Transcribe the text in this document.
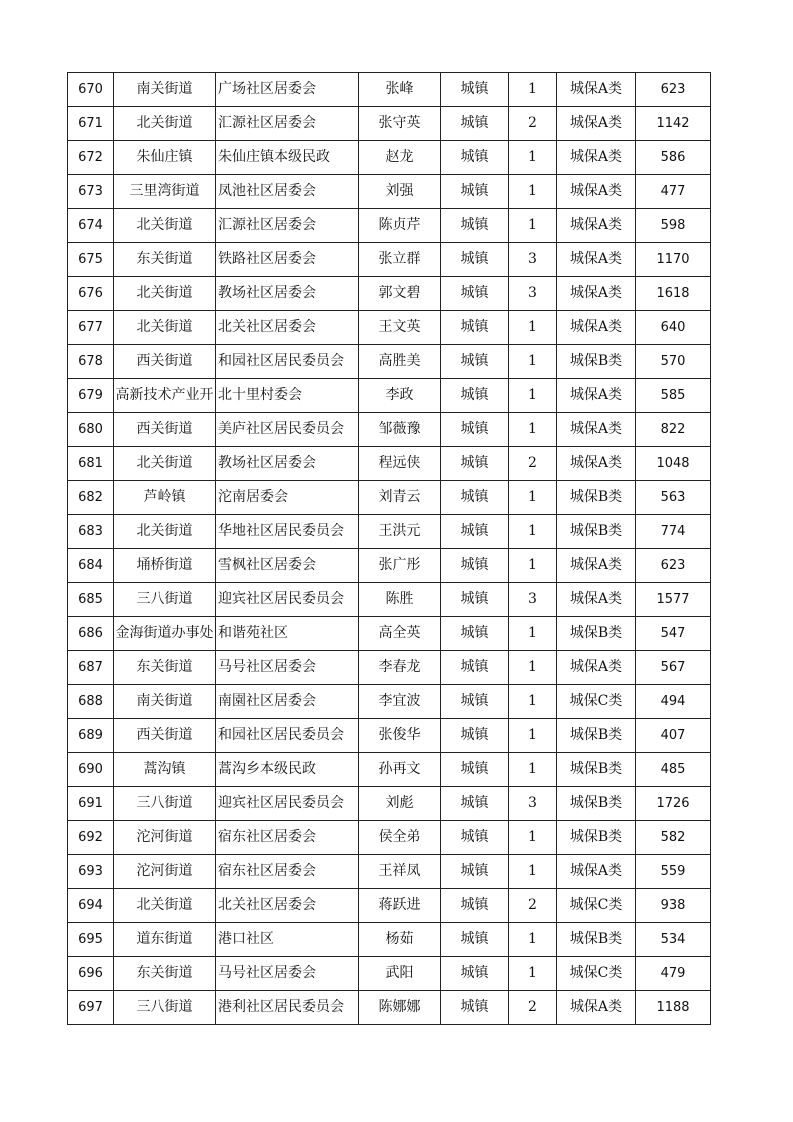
670	南关街道	广场社区居委会	张峰	城镇	1	城保A类	623
671	北关街道	汇源社区居委会	张守英	城镇	2	城保A类	1142
672	朱仙庄镇	朱仙庄镇本级民政	赵龙	城镇	1	城保A类	586
673	三里湾街道	凤池社区居委会	刘强	城镇	1	城保A类	477
674	北关街道	汇源社区居委会	陈贞芹	城镇	1	城保A类	598
675	东关街道	铁路社区居委会	张立群	城镇	3	城保A类	1170
676	北关街道	教场社区居委会	郭文碧	城镇	3	城保A类	1618
677	北关街道	北关社区居委会	王文英	城镇	1	城保A类	640
678	西关街道	和园社区居民委员会	高胜美	城镇	1	城保B类	570
679	高新技术产业开	北十里村委会	李政	城镇	1	城保A类	585
680	西关街道	美庐社区居民委员会	邹薇豫	城镇	1	城保A类	822
681	北关街道	教场社区居委会	程远侠	城镇	2	城保A类	1048
682	芦岭镇	沱南居委会	刘青云	城镇	1	城保B类	563
683	北关街道	华地社区居民委员会	王洪元	城镇	1	城保B类	774
684	埇桥街道	雪枫社区居委会	张广彤	城镇	1	城保A类	623
685	三八街道	迎宾社区居民委员会	陈胜	城镇	3	城保A类	1577
686	金海街道办事处	和谐苑社区	高全英	城镇	1	城保B类	547
687	东关街道	马号社区居委会	李春龙	城镇	1	城保A类	567
688	南关街道	南園社区居委会	李宜波	城镇	1	城保C类	494
689	西关街道	和园社区居民委员会	张俊华	城镇	1	城保B类	407
690	蒿沟镇	蒿沟乡本级民政	孙再文	城镇	1	城保B类	485
691	三八街道	迎宾社区居民委员会	刘彪	城镇	3	城保B类	1726
692	沱河街道	宿东社区居委会	侯全弟	城镇	1	城保B类	582
693	沱河街道	宿东社区居委会	王祥凤	城镇	1	城保A类	559
694	北关街道	北关社区居委会	蒋跃进	城镇	2	城保C类	938
695	道东街道	港口社区	杨茹	城镇	1	城保B类	534
696	东关街道	马号社区居委会	武阳	城镇	1	城保C类	479
697	三八街道	港利社区居民委员会	陈娜娜	城镇	2	城保A类	1188
